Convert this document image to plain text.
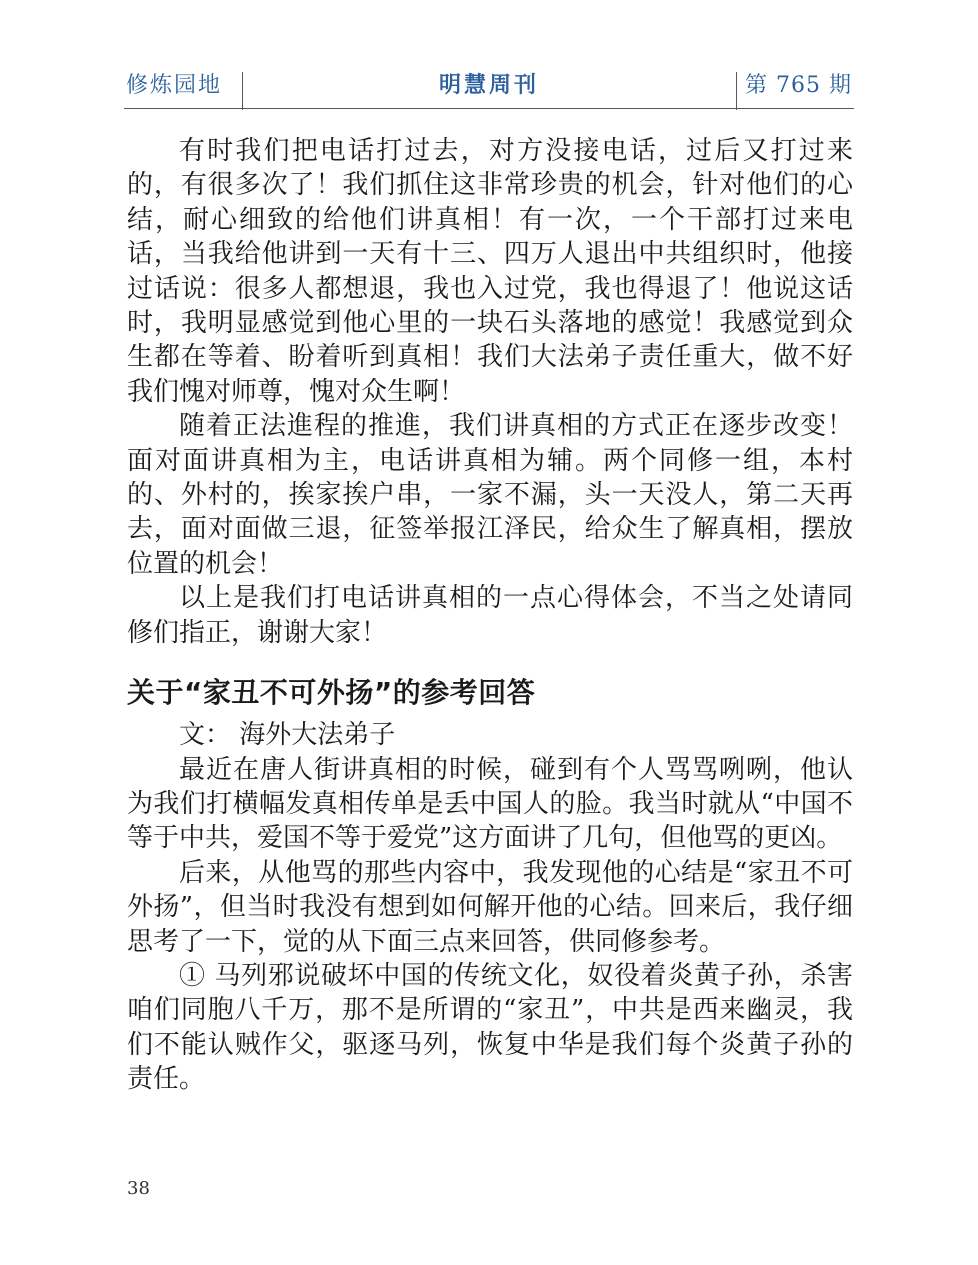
修炼园地	明慧周刊	第 765 期

有时我们把电话打过去，对方没接电话，过后又打过来的，有很多次了！我们抓住这非常珍贵的机会，针对他们的心结，耐心细致的给他们讲真相！有一次，一个干部打过来电话，当我给他讲到一天有十三、四万人退出中共组织时，他接过话说：很多人都想退，我也入过党，我也得退了！他说这话时，我明显感觉到他心里的一块石头落地的感觉！我感觉到众生都在等着、盼着听到真相！我们大法弟子责任重大，做不好我们愧对师尊，愧对众生啊！

随着正法進程的推進，我们讲真相的方式正在逐步改变！面对面讲真相为主，电话讲真相为辅。两个同修一组，本村的、外村的，挨家挨户串，一家不漏，头一天没人，第二天再去，面对面做三退，征签举报江泽民，给众生了解真相，摆放位置的机会！

以上是我们打电话讲真相的一点心得体会，不当之处请同修们指正，谢谢大家！

关于“家丑不可外扬”的参考回答

文： 海外大法弟子

最近在唐人街讲真相的时候，碰到有个人骂骂咧咧，他认为我们打横幅发真相传单是丢中国人的脸。我当时就从“中国不等于中共，爱国不等于爱党”这方面讲了几句，但他骂的更凶。

后来，从他骂的那些内容中，我发现他的心结是“家丑不可外扬”，但当时我没有想到如何解开他的心结。回来后，我仔细思考了一下，觉的从下面三点来回答，供同修参考。

① 马列邪说破坏中国的传统文化，奴役着炎黄子孙，杀害咱们同胞八千万，那不是所谓的“家丑”，中共是西来幽灵，我们不能认贼作父，驱逐马列，恢复中华是我们每个炎黄子孙的责任。

38
